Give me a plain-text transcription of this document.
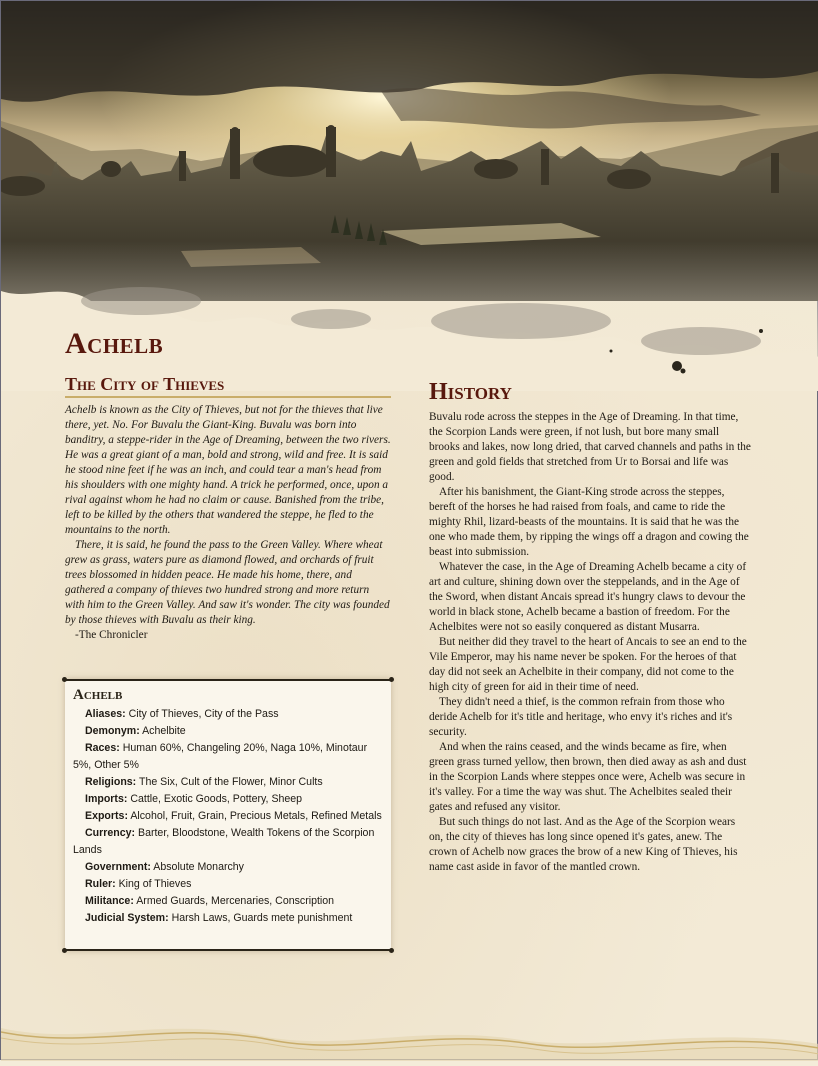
Achelb
The City of Thieves

Achelb is known as the City of Thieves, but not for the thieves that live there, yet. No. For Buvalu the Giant-King. Buvalu was born into banditry, a steppe-rider in the Age of Dreaming, between the two rivers. He was a great giant of a man, bold and strong, wild and free. It is said he stood nine feet if he was an inch, and could tear a man's head from his shoulders with one mighty hand. A trick he performed, once, upon a rival against whom he had no claim or cause. Banished from the tribe, left to be killed by the others that wandered the steppe, he fled to the mountains to the north.

There, it is said, he found the pass to the Green Valley. Where wheat grew as grass, waters pure as diamond flowed, and orchards of fruit trees blossomed in hidden peace. He made his home, there, and gathered a company of thieves two hundred strong and more return with him to the Green Valley. And saw it's wonder. The city was founded by those thieves with Buvalu as their king.

-The Chronicler

Achelb
Aliases: City of Thieves, City of the Pass
Demonym: Achelbite
Races: Human 60%, Changeling 20%, Naga 10%, Minotaur 5%, Other 5%
Religions: The Six, Cult of the Flower, Minor Cults
Imports: Cattle, Exotic Goods, Pottery, Sheep
Exports: Alcohol, Fruit, Grain, Precious Metals, Refined Metals
Currency: Barter, Bloodstone, Wealth Tokens of the Scorpion Lands
Government: Absolute Monarchy
Ruler: King of Thieves
Militance: Armed Guards, Mercenaries, Conscription
Judicial System: Harsh Laws, Guards mete punishment
History

Buvalu rode across the steppes in the Age of Dreaming. In that time, the Scorpion Lands were green, if not lush, but bore many small brooks and lakes, now long dried, that carved channels and paths in the green and gold fields that stretched from Ur to Borsai and life was good.

After his banishment, the Giant-King strode across the steppes, bereft of the horses he had raised from foals, and came to ride the mighty Rhil, lizard-beasts of the mountains. It is said that he was the one who made them, by ripping the wings off a dragon and cowing the beast into submission.

Whatever the case, in the Age of Dreaming Achelb became a city of art and culture, shining down over the steppelands, and in the Age of the Sword, when distant Ancais spread it's hungry claws to devour the world in black stone, Achelb became a bastion of freedom. For the Achelbites were not so easily conquered as distant Musarra.

But neither did they travel to the heart of Ancais to see an end to the Vile Emperor, may his name never be spoken. For the heroes of that day did not seek an Achelbite in their company, did not come to the high city of green for aid in their time of need.

They didn't need a thief, is the common refrain from those who deride Achelb for it's title and heritage, who envy it's riches and it's security.

And when the rains ceased, and the winds became as fire, when green grass turned yellow, then brown, then died away as ash and dust in the Scorpion Lands where steppes once were, Achelb was secure in it's valley. For a time the way was shut. The Achelbites sealed their gates and refused any visitor.

But such things do not last. And as the Age of the Scorpion wears on, the city of thieves has long since opened it's gates, anew. The crown of Achelb now graces the brow of a new King of Thieves, his name cast aside in favor of the mantled crown.
